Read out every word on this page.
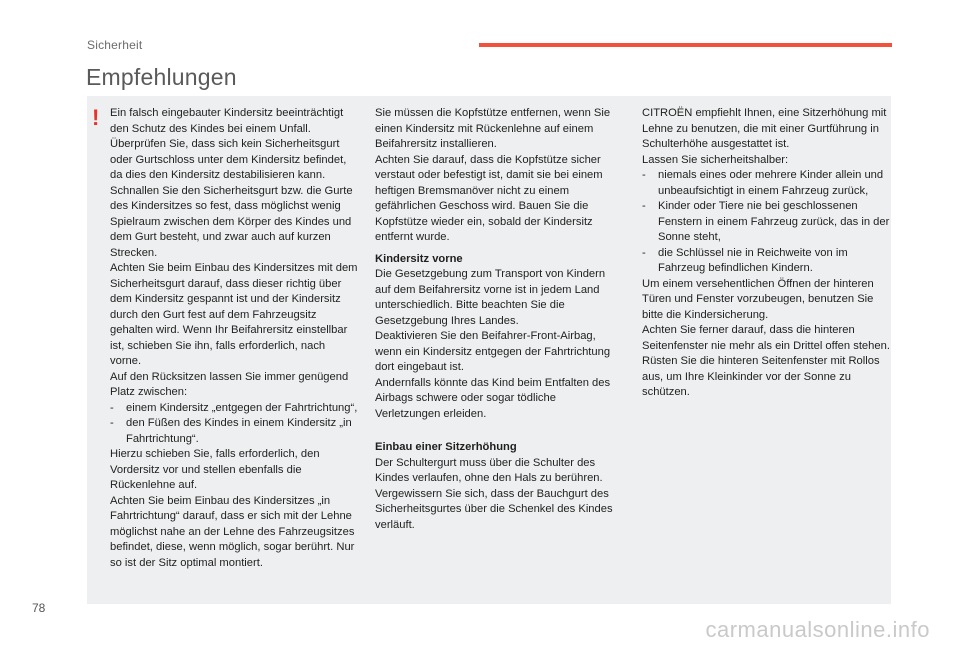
Sicherheit
Empfehlungen
! Ein falsch eingebauter Kindersitz beeinträchtigt den Schutz des Kindes bei einem Unfall.

Überprüfen Sie, dass sich kein Sicherheitsgurt oder Gurtschloss unter dem Kindersitz befindet, da dies den Kindersitz destabilisieren kann.

Schnallen Sie den Sicherheitsgurt bzw. die Gurte des Kindersitzes so fest, dass möglichst wenig Spielraum zwischen dem Körper des Kindes und dem Gurt besteht, und zwar auch auf kurzen Strecken.

Achten Sie beim Einbau des Kindersitzes mit dem Sicherheitsgurt darauf, dass dieser richtig über dem Kindersitz gespannt ist und der Kindersitz durch den Gurt fest auf dem Fahrzeugsitz gehalten wird. Wenn Ihr Beifahrersitz einstellbar ist, schieben Sie ihn, falls erforderlich, nach vorne.

Auf den Rücksitzen lassen Sie immer genügend Platz zwischen:

- einem Kindersitz „entgegen der Fahrtrichtung“,
- den Füßen des Kindes in einem Kindersitz „in Fahrtrichtung“.

Hierzu schieben Sie, falls erforderlich, den Vordersitz vor und stellen ebenfalls die Rückenlehne auf.

Achten Sie beim Einbau des Kindersitzes „in Fahrtrichtung“ darauf, dass er sich mit der Lehne möglichst nahe an der Lehne des Fahrzeugsitzes befindet, diese, wenn möglich, sogar berührt. Nur so ist der Sitz optimal montiert.

Sie müssen die Kopfstütze entfernen, wenn Sie einen Kindersitz mit Rückenlehne auf einem Beifahrersitz installieren.

Achten Sie darauf, dass die Kopfstütze sicher verstaut oder befestigt ist, damit sie bei einem heftigen Bremsmanöver nicht zu einem gefährlichen Geschoss wird. Bauen Sie die Kopfstütze wieder ein, sobald der Kindersitz entfernt wurde.

Kindersitz vorne

Die Gesetzgebung zum Transport von Kindern auf dem Beifahrersitz vorne ist in jedem Land unterschiedlich. Bitte beachten Sie die Gesetzgebung Ihres Landes.

Deaktivieren Sie den Beifahrer-Front-Airbag, wenn ein Kindersitz entgegen der Fahrtrichtung dort eingebaut ist.

Andernfalls könnte das Kind beim Entfalten des Airbags schwere oder sogar tödliche Verletzungen erleiden.

Einbau einer Sitzerhöhung

Der Schultergurt muss über die Schulter des Kindes verlaufen, ohne den Hals zu berühren.

Vergewissern Sie sich, dass der Bauchgurt des Sicherheitsgurtes über die Schenkel des Kindes verläuft.

CITROËN empfiehlt Ihnen, eine Sitzerhöhung mit Lehne zu benutzen, die mit einer Gurtführung in Schulterhöhe ausgestattet ist.

Lassen Sie sicherheitshalber:

- niemals eines oder mehrere Kinder allein und unbeaufsichtigt in einem Fahrzeug zurück,
- Kinder oder Tiere nie bei geschlossenen Fenstern in einem Fahrzeug zurück, das in der Sonne steht,
- die Schlüssel nie in Reichweite von im Fahrzeug befindlichen Kindern.

Um einem versehentlichen Öffnen der hinteren Türen und Fenster vorzubeugen, benutzen Sie bitte die Kindersicherung.

Achten Sie ferner darauf, dass die hinteren Seitenfenster nie mehr als ein Drittel offen stehen.

Rüsten Sie die hinteren Seitenfenster mit Rollos aus, um Ihre Kleinkinder vor der Sonne zu schützen.

78
carmanualsonline.info
